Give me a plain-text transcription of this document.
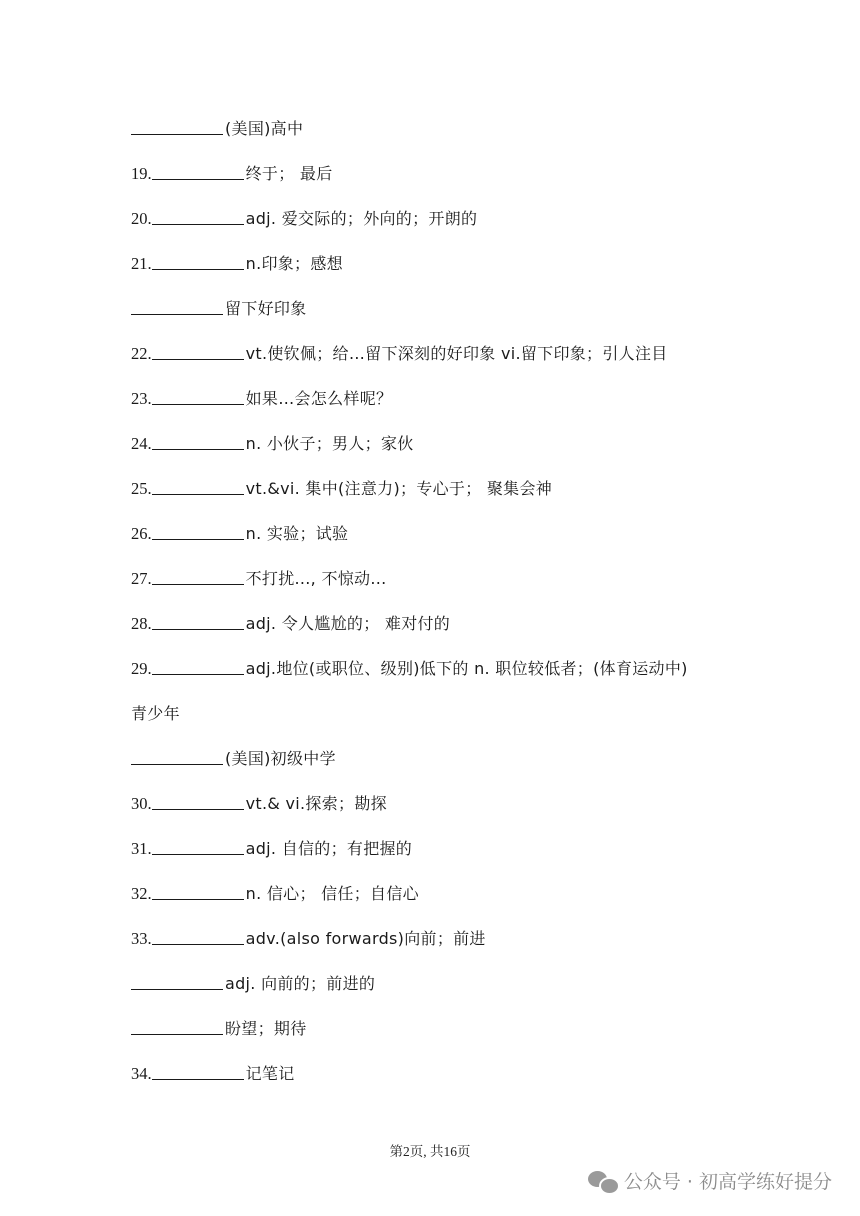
(美国)高中
19.	终于； 最后
20.	adj. 爱交际的；外向的；开朗的
21.	n.印象；感想
留下好印象
22.	vt.使钦佩；给…留下深刻的好印象 vi.留下印象；引人注目
23.	如果…会怎么样呢？
24.	n. 小伙子；男人；家伙
25.	vt.&vi. 集中(注意力)；专心于； 聚集会神
26.	n. 实验；试验
27.	不打扰..., 不惊动...
28.	adj. 令人尴尬的； 难对付的
29.	adj.地位(或职位、级别)低下的 n. 职位较低者；(体育运动中)
青少年
(美国)初级中学
30.	vt.& vi.探索；勘探
31.	adj. 自信的；有把握的
32.	n. 信心； 信任；自信心
33.	adv.(also forwards)向前；前进
adj. 向前的；前进的
盼望；期待
34.	记笔记
第2页, 共16页
公众号 · 初高学练好提分
